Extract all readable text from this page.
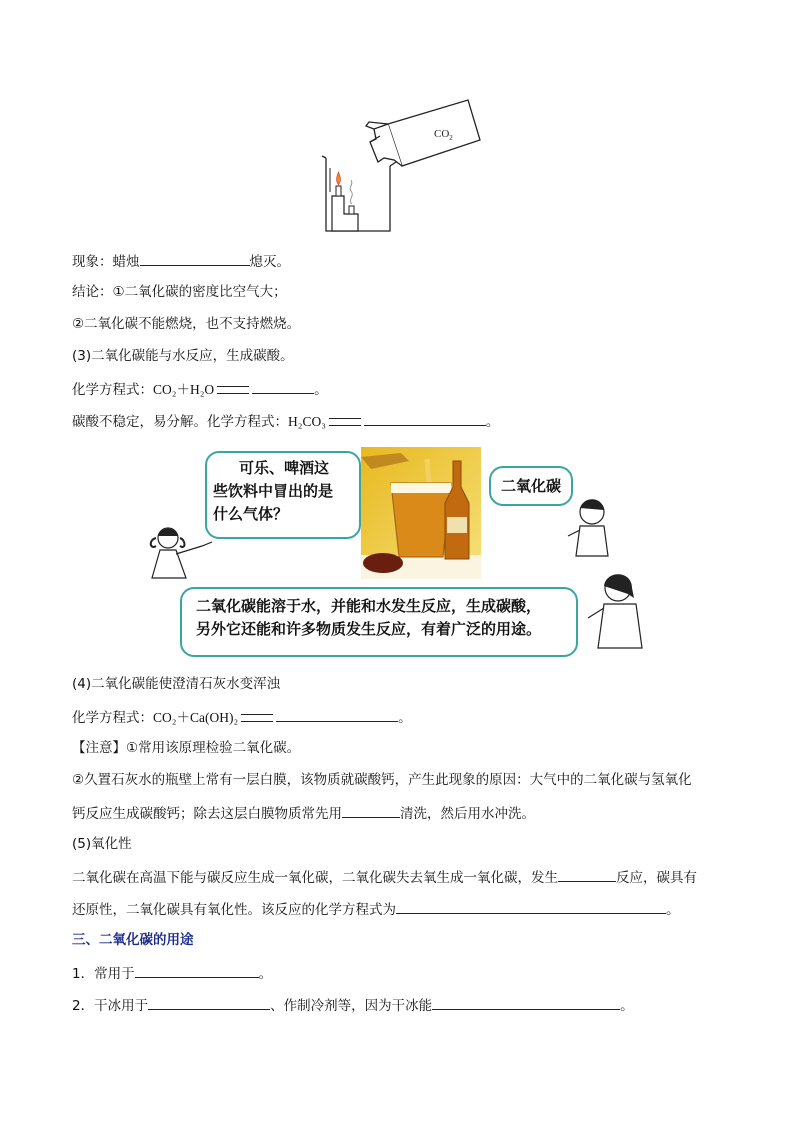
$CO_2$
现象：蜡烛	熄灭。
结论：①二氧化碳的密度比空气大；
②二氧化碳不能燃烧，也不支持燃烧。
(3)二氧化碳能与水反应，生成碳酸。
化学方程式：CO₂＋H₂O	。
碳酸不稳定，易分解。化学方程式：H₂CO₃	。
可乐、啤酒这
些饮料中冒出的是
什么气体？
二氧化碳
二氧化碳能溶于水，并能和水发生反应，生成碳酸，
另外它还能和许多物质发生反应，有着广泛的用途。
(4)二氧化碳能使澄清石灰水变浑浊
化学方程式：CO₂＋Ca(OH)₂	。
【注意】①常用该原理检验二氧化碳。
②久置石灰水的瓶壁上常有一层白膜，该物质就碳酸钙，产生此现象的原因：大气中的二氧化碳与氢氧化
钙反应生成碳酸钙；除去这层白膜物质常先用	清洗，然后用水冲洗。
(5)氧化性
二氧化碳在高温下能与碳反应生成一氧化碳，二氧化碳失去氧生成一氧化碳，发生	反应，碳具有
还原性，二氧化碳具有氧化性。该反应的化学方程式为	。
三、二氧化碳的用途
1．常用于	。
2．干冰用于	、作制冷剂等，因为干冰能	。
